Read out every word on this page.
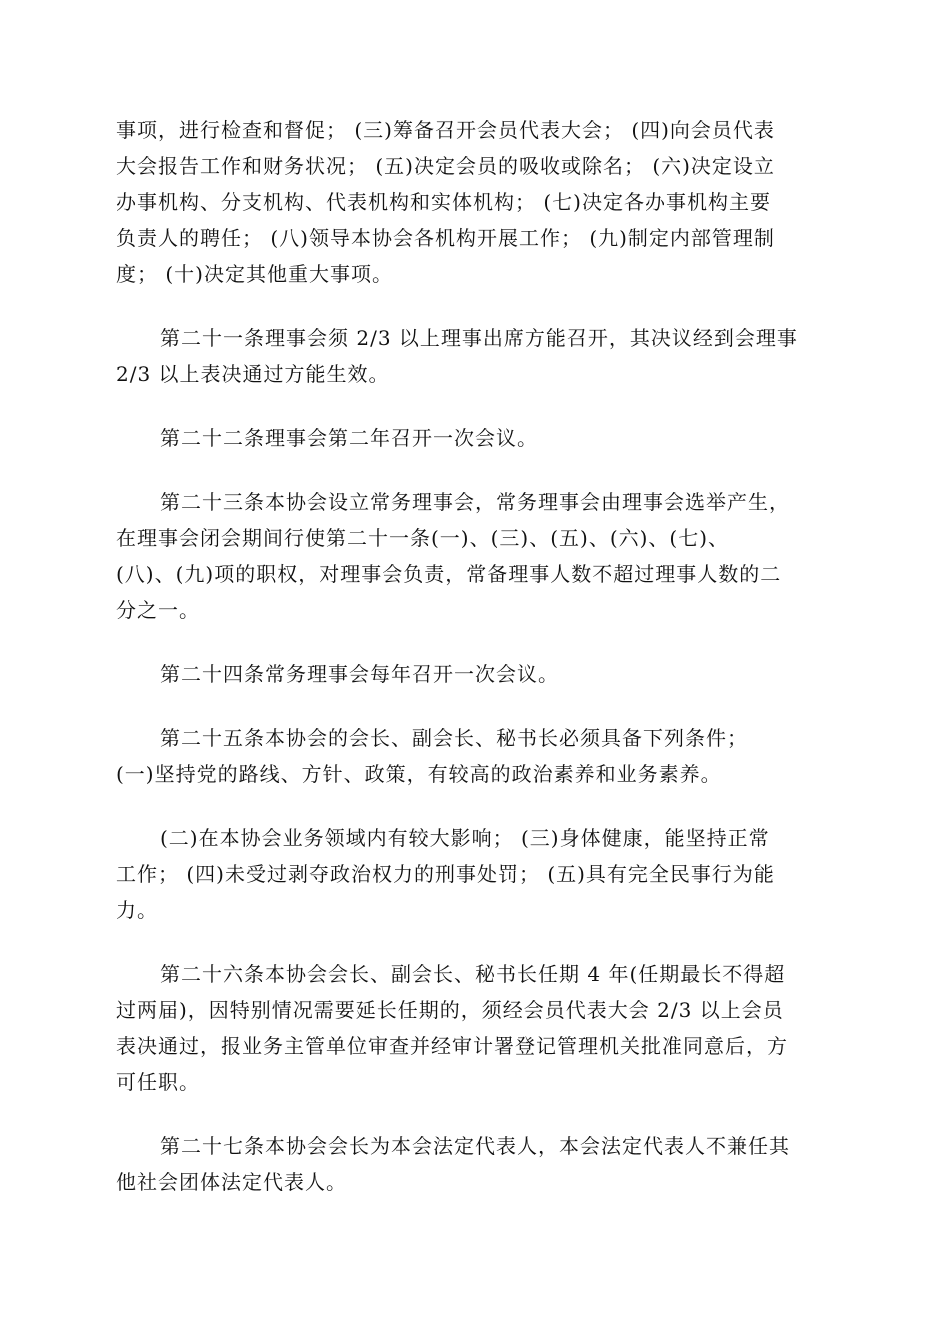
事项，进行检查和督促； (三)筹备召开会员代表大会； (四)向会员代表
大会报告工作和财务状况； (五)决定会员的吸收或除名； (六)决定设立
办事机构、分支机构、代表机构和实体机构； (七)决定各办事机构主要
负责人的聘任； (八)领导本协会各机构开展工作； (九)制定内部管理制
度； (十)决定其他重大事项。

第二十一条理事会须 2/3 以上理事出席方能召开，其决议经到会理事
2/3 以上表决通过方能生效。

第二十二条理事会第二年召开一次会议。

第二十三条本协会设立常务理事会，常务理事会由理事会选举产生，
在理事会闭会期间行使第二十一条(一)、(三)、(五)、(六)、(七)、
(八)、(九)项的职权，对理事会负责，常备理事人数不超过理事人数的二
分之一。

第二十四条常务理事会每年召开一次会议。

第二十五条本协会的会长、副会长、秘书长必须具备下列条件；
(一)坚持党的路线、方针、政策，有较高的政治素养和业务素养。

(二)在本协会业务领域内有较大影响； (三)身体健康，能坚持正常
工作； (四)未受过剥夺政治权力的刑事处罚； (五)具有完全民事行为能
力。

第二十六条本协会会长、副会长、秘书长任期 4 年(任期最长不得超
过两届)，因特别情况需要延长任期的，须经会员代表大会 2/3 以上会员
表决通过，报业务主管单位审查并经审计署登记管理机关批准同意后，方
可任职。

第二十七条本协会会长为本会法定代表人，本会法定代表人不兼任其
他社会团体法定代表人。
